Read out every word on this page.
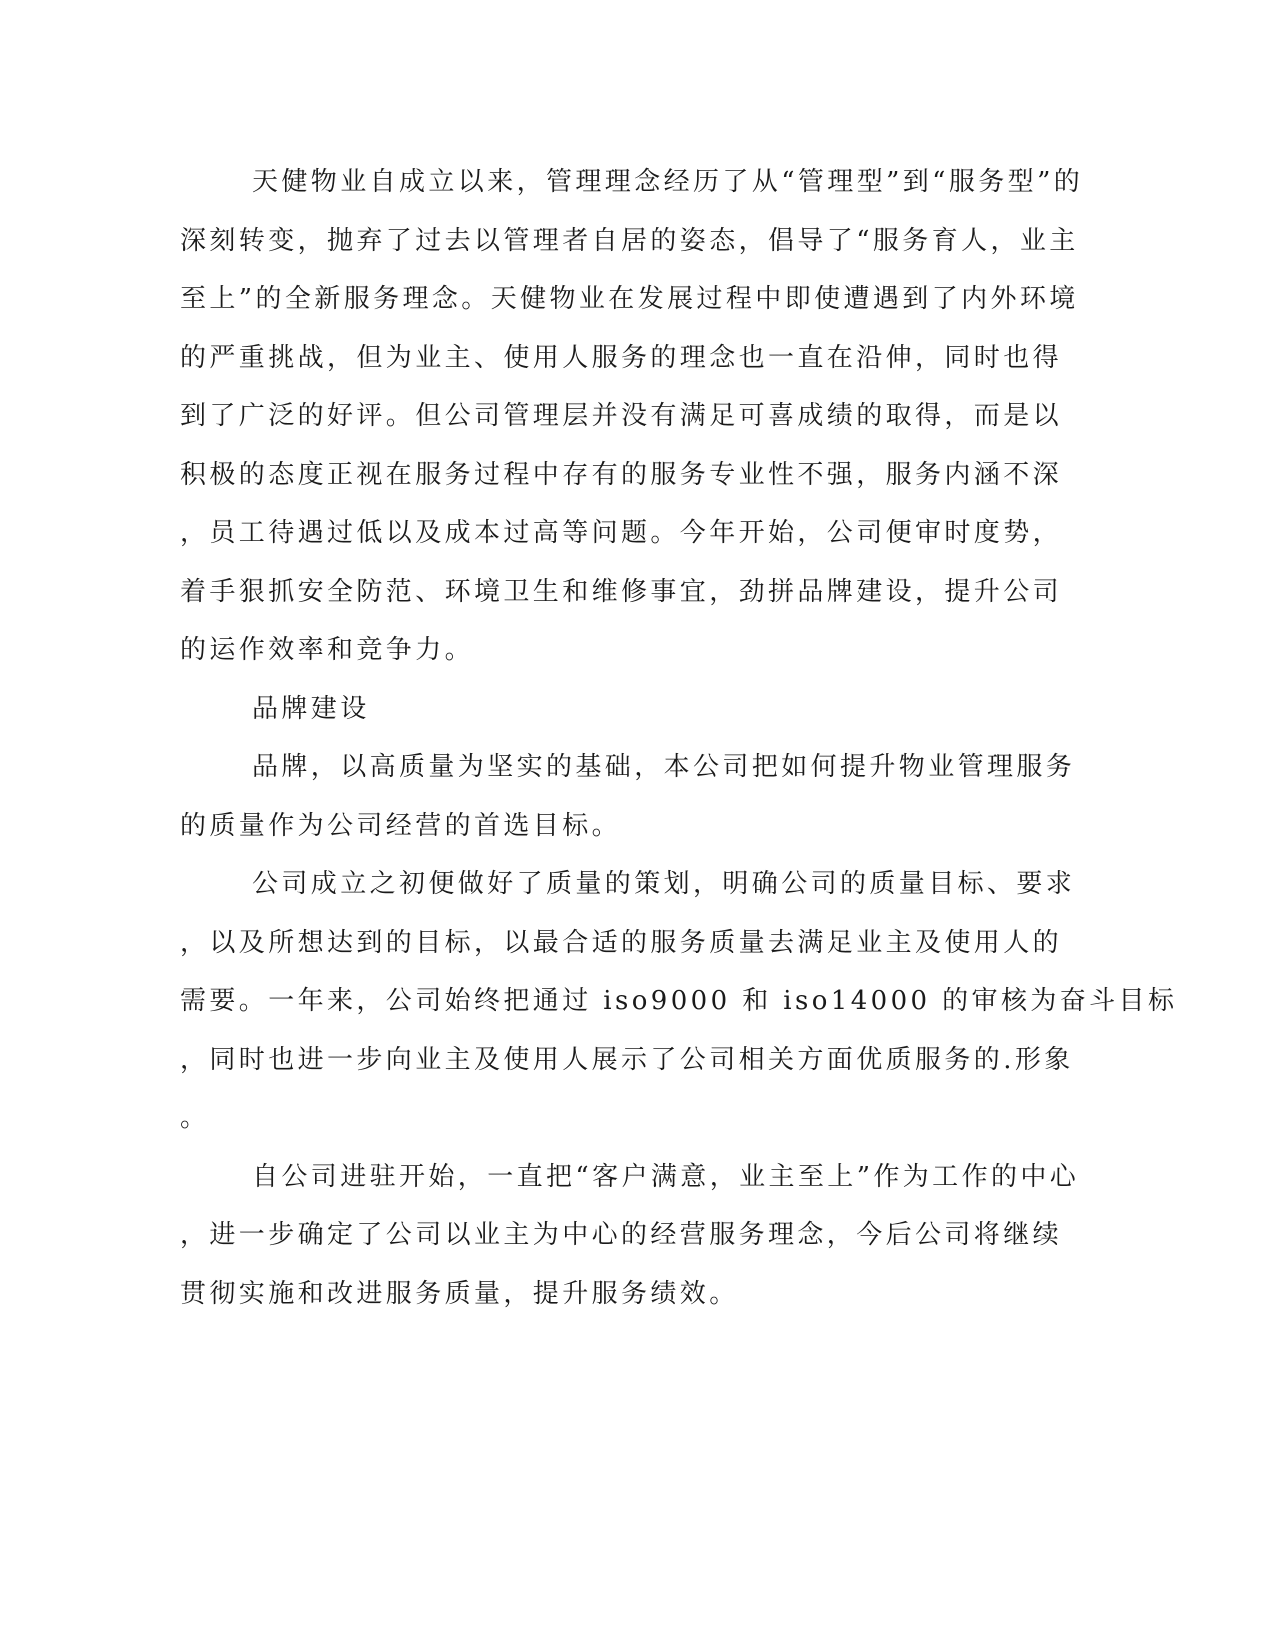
天健物业自成立以来，管理理念经历了从“管理型”到“服务型”的
深刻转变，抛弃了过去以管理者自居的姿态，倡导了“服务育人，业主
至上”的全新服务理念。天健物业在发展过程中即使遭遇到了内外环境
的严重挑战，但为业主、使用人服务的理念也一直在沿伸，同时也得
到了广泛的好评。但公司管理层并没有满足可喜成绩的取得，而是以
积极的态度正视在服务过程中存有的服务专业性不强，服务内涵不深
，员工待遇过低以及成本过高等问题。今年开始，公司便审时度势，
着手狠抓安全防范、环境卫生和维修事宜，劲拼品牌建设，提升公司
的运作效率和竞争力。
品牌建设
品牌，以高质量为坚实的基础，本公司把如何提升物业管理服务
的质量作为公司经营的首选目标。
公司成立之初便做好了质量的策划，明确公司的质量目标、要求
，以及所想达到的目标，以最合适的服务质量去满足业主及使用人的
需要。一年来，公司始终把通过 iso9000 和 iso14000 的审核为奋斗目标
，同时也进一步向业主及使用人展示了公司相关方面优质服务的.形象
。
自公司进驻开始，一直把“客户满意，业主至上”作为工作的中心
，进一步确定了公司以业主为中心的经营服务理念，今后公司将继续
贯彻实施和改进服务质量，提升服务绩效。
